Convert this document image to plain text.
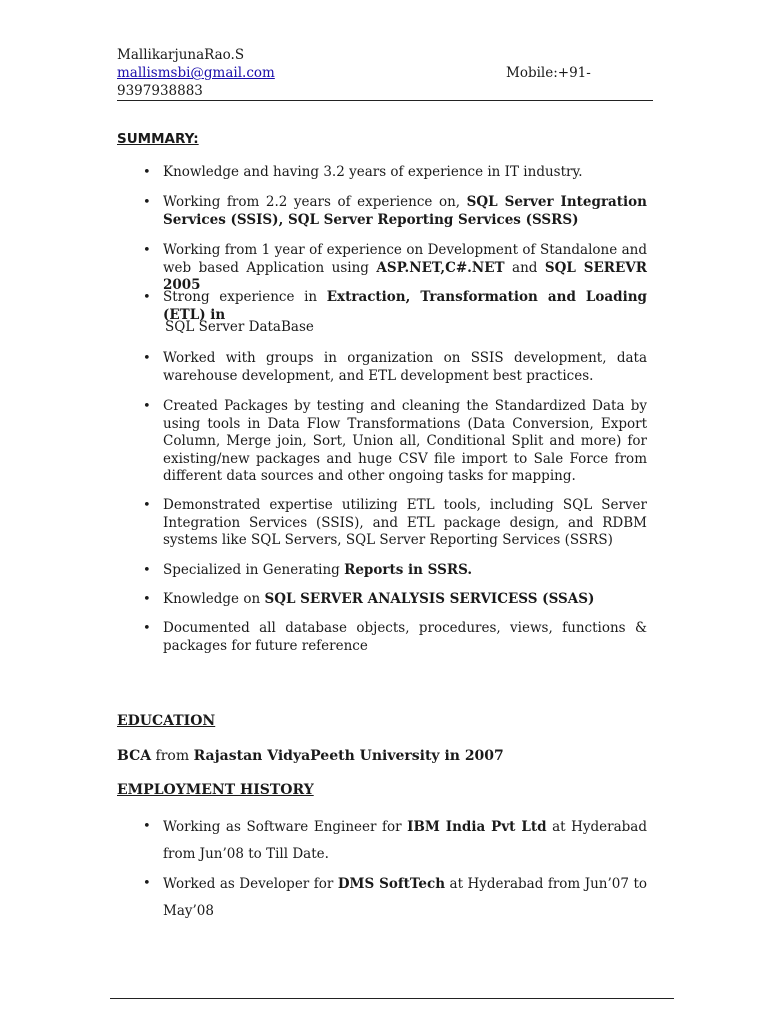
MallikarjunaRao.S
mallismsbi@gmail.com	Mobile:+91-
9397938883
SUMMARY:
• Knowledge and having 3.2 years of experience in IT industry.
• Working from 2.2 years of experience on, SQL Server Integration Services (SSIS), SQL Server Reporting Services (SSRS)
• Working from 1 year of experience on Development of Standalone and web based Application using ASP.NET,C#.NET and SQL SEREVR 2005
• Strong experience in Extraction, Transformation and Loading (ETL) in
SQL Server DataBase
• Worked with groups in organization on SSIS development, data warehouse development, and ETL development best practices.
• Created Packages by testing and cleaning the Standardized Data by using tools in Data Flow Transformations (Data Conversion, Export Column, Merge join, Sort, Union all, Conditional Split and more) for existing/new packages and huge CSV file import to Sale Force from different data sources and other ongoing tasks for mapping.
• Demonstrated expertise utilizing ETL tools, including SQL Server Integration Services (SSIS), and ETL package design, and RDBM systems like SQL Servers, SQL Server Reporting Services (SSRS)
• Specialized in Generating Reports in SSRS.
• Knowledge on SQL SERVER ANALYSIS SERVICESS (SSAS)
• Documented all database objects, procedures, views, functions & packages for future reference
EDUCATION
BCA from Rajastan VidyaPeeth University in 2007
EMPLOYMENT HISTORY
• Working as Software Engineer for IBM India Pvt Ltd at Hyderabad from Jun’08 to Till Date.
• Worked as Developer for DMS SoftTech at Hyderabad from Jun’07 to May’08
